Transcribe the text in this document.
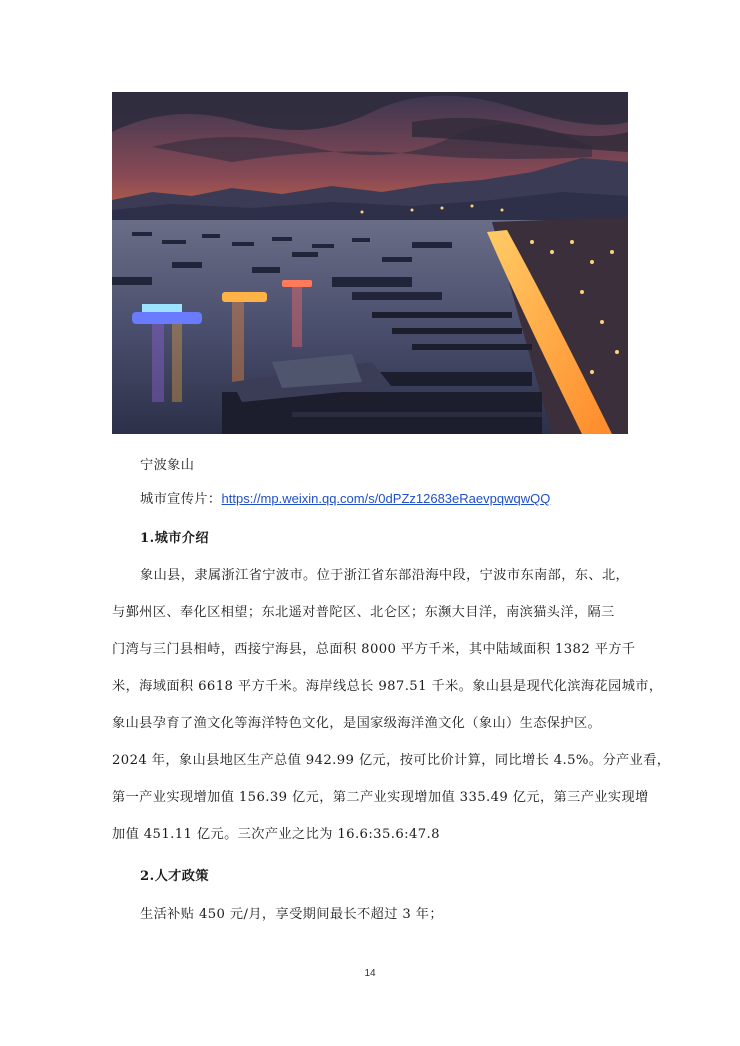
宁波象山
城市宣传片：https://mp.weixin.qq.com/s/0dPZz12683eRaevpqwqwQQ
1.城市介绍
象山县，隶属浙江省宁波市。位于浙江省东部沿海中段，宁波市东南部，东、北，
与鄞州区、奉化区相望；东北遥对普陀区、北仑区；东濒大目洋，南滨猫头洋，隔三
门湾与三门县相峙，西接宁海县，总面积 8000 平方千米，其中陆域面积 1382 平方千
米，海域面积 6618 平方千米。海岸线总长 987.51 千米。象山县是现代化滨海花园城市，
象山县孕育了渔文化等海洋特色文化，是国家级海洋渔文化（象山）生态保护区。
2024 年，象山县地区生产总值 942.99 亿元，按可比价计算，同比增长 4.5%。分产业看，
第一产业实现增加值 156.39 亿元，第二产业实现增加值 335.49 亿元，第三产业实现增
加值 451.11 亿元。三次产业之比为 16.6:35.6:47.8
2.人才政策
生活补贴 450 元/月，享受期间最长不超过 3 年；
14
